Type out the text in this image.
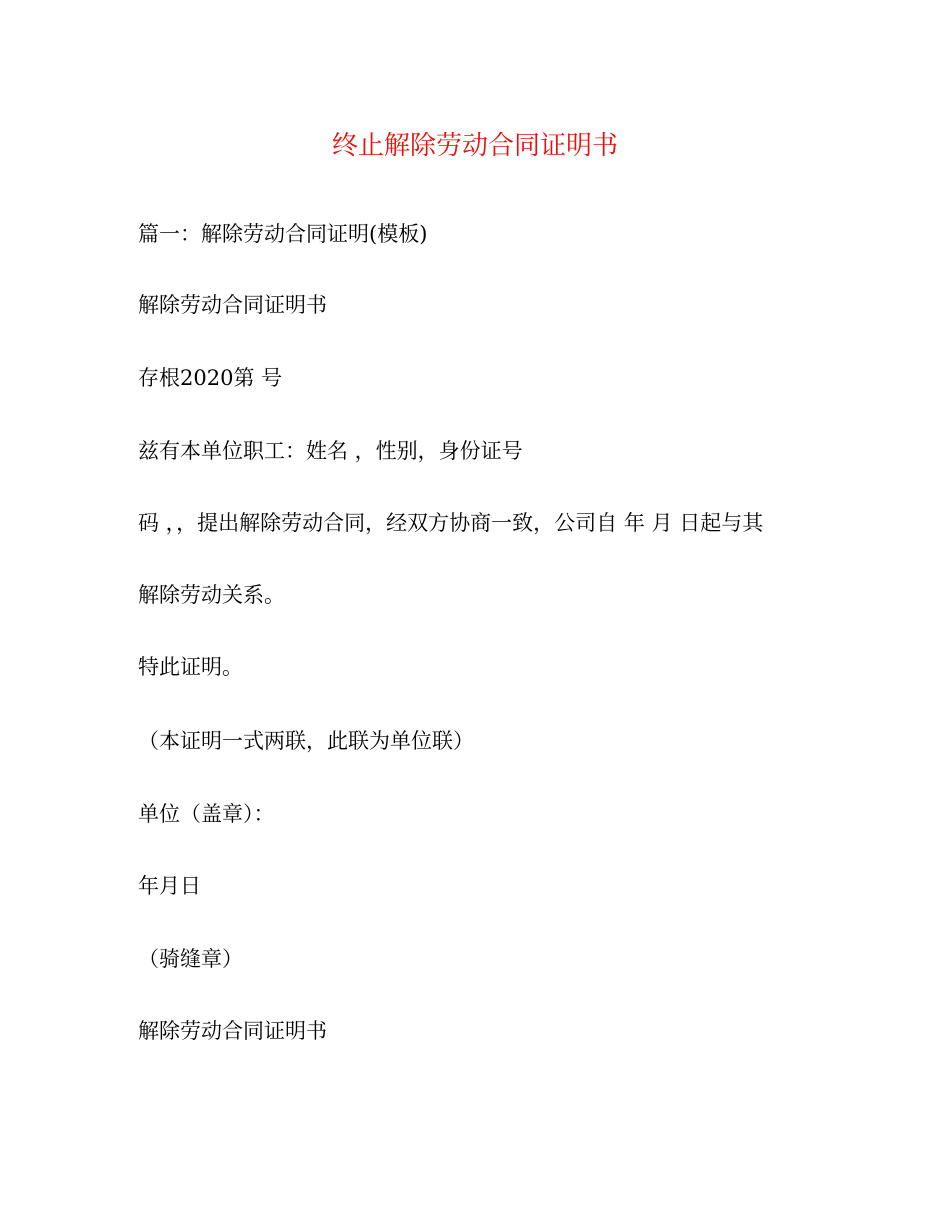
终止解除劳动合同证明书
篇一：解除劳动合同证明(模板)
解除劳动合同证明书
存根2020第 号
兹有本单位职工：姓名 ，性别，身份证号
码 ，，提出解除劳动合同，经双方协商一致，公司自 年 月 日起与其
解除劳动关系。
特此证明。
（本证明一式两联，此联为单位联）
单位（盖章）：
年月日
（骑缝章）
解除劳动合同证明书
